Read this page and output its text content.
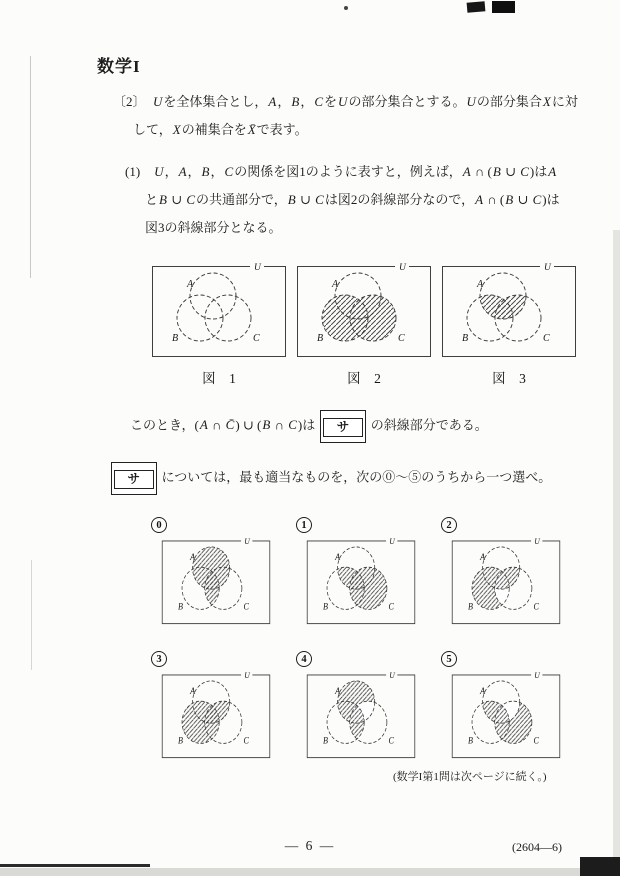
数学I
〔2〕　Uを全体集合とし，A，B，CをUの部分集合とする。Uの部分集合Xに対
して，Xの補集合をX̄で表す。
(1)　U，A，B，Cの関係を図1のように表すと，例えば，A ∩ (B ∪ C)はA
とB ∪ Cの共通部分で，B ∪ Cは図2の斜線部分なので，A ∩ (B ∪ C)は
図3の斜線部分となる。
A
B	C
U
図　1
A
B	C
U
図　2
A
B	C
U
図　3
このとき，(A ∩ C̄) ∪ (B ∩ C)は サ の斜線部分である。
サ については，最も適当なものを，次の⓪〜⑤のうちから一つ選べ。
0
A
B	C
U
1
A
B	C
U
2
A
B	C
U
3
A
B	C
U
4
A
B	C
U
5
A
B	C
U
(数学I第1問は次ページに続く。)
— 6 —	(2604—6)
